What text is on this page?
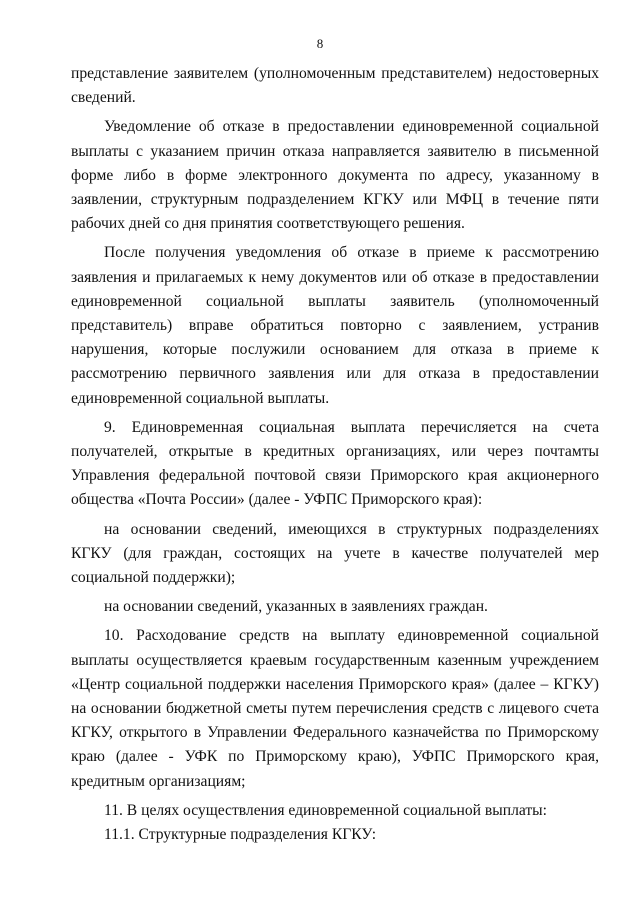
8

представление заявителем (уполномоченным представителем) недостоверных сведений.

Уведомление об отказе в предоставлении единовременной социальной выплаты с указанием причин отказа направляется заявителю в письменной форме либо в форме электронного документа по адресу, указанному в заявлении, структурным подразделением КГКУ или МФЦ в течение пяти рабочих дней со дня принятия соответствующего решения.

После получения уведомления об отказе в приеме к рассмотрению заявления и прилагаемых к нему документов или об отказе в предоставлении единовременной социальной выплаты заявитель (уполномоченный представитель) вправе обратиться повторно с заявлением, устранив нарушения, которые послужили основанием для отказа в приеме к рассмотрению первичного заявления или для отказа в предоставлении единовременной социальной выплаты.

9. Единовременная социальная выплата перечисляется на счета получателей, открытые в кредитных организациях, или через почтамты Управления федеральной почтовой связи Приморского края акционерного общества «Почта России» (далее - УФПС Приморского края):

на основании сведений, имеющихся в структурных подразделениях КГКУ (для граждан, состоящих на учете в качестве получателей мер социальной поддержки);

на основании сведений, указанных в заявлениях граждан.

10. Расходование средств на выплату единовременной социальной выплаты осуществляется краевым государственным казенным учреждением «Центр социальной поддержки населения Приморского края» (далее – КГКУ) на основании бюджетной сметы путем перечисления средств с лицевого счета КГКУ, открытого в Управлении Федерального казначейства по Приморскому краю (далее - УФК по Приморскому краю), УФПС Приморского края, кредитным организациям;

11. В целях осуществления единовременной социальной выплаты:

11.1. Структурные подразделения КГКУ:
